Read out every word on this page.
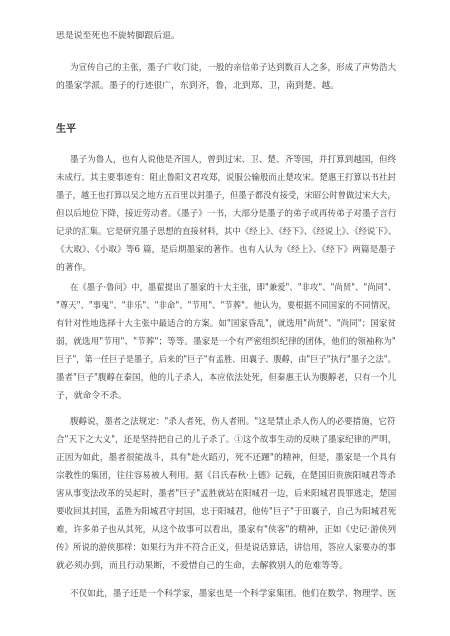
思是说至死也不旋转脚跟后退。
为宣传自己的主张，墨子广收门徒，一般的亲信弟子达到数百人之多，形成了声势浩大
的墨家学派。墨子的行迹很广，东到齐，鲁，北到郑、卫，南到楚、越。
生平
墨子为鲁人，也有人说他是齐国人，曾到过宋、卫、楚、齐等国，并打算到越国，但终
未成行。其主要事迹有：阻止鲁阳文君攻郑，说服公输般而止楚攻宋。楚惠王打算以书社封
墨子，越王也打算以吴之地方五百里以封墨子，但墨子都没有接受，宋昭公时曾做过宋大夫，
但以后地位下降，接近劳动者。《墨子》一书，大部分是墨子的弟子或再传弟子对墨子言行
记录的汇集。它是研究墨子思想的直接材料，其中《经上》、《经下》、《经说上》、《经说下》、
《大取》、《小取》等6 篇，是后期墨家的著作。也有人认为《经上》、《经下》两篇是墨子
的著作。
在《墨子·鲁问》中，墨翟提出了墨家的十大主张，即"兼爱"、"非攻"、"尚贤"、"尚同"、
"尊天"、"事鬼"、"非乐"、"非命"、"节用"、"节葬"。他认为，要根据不同国家的不同情况，
有针对性地选择十大主张中最适合的方案。如"国家昏乱"，就选用"尚贤"、"尚同"；国家贫
弱，就选用"节用"、"节葬"；等等。墨家是一个有严密组织纪律的团体，他们的领袖称为"
巨子"，第一任巨子是墨子，后来的"巨子"有孟胜、田襄子、腹䵍，由"巨子"执行"墨子之法"。
墨者"巨子"腹䵍在秦国，他的儿子杀人，本应依法处死，但秦惠王认为腹䵍老，只有一个儿
子，就命令不杀。
腹䵍说，墨者之法规定："杀人者死，伤人者刑。"这是禁止杀人伤人的必要措施，它符
合"天下之大义"，还是坚持把自己的儿子杀了。①这个故事生动的反映了墨家纪律的严明，
正因为如此，墨者很能战斗，具有"赴火蹈刃，死不还踵"的精神，但是，墨家是一个具有
宗教性的集团，往往容易被人利用。据《吕氏春秋·上德》记载，在楚国旧贵族阳城君等杀
害从事变法改革的吴起时，墨者"巨子"孟胜就站在阳城君一边，后来阳城君畏罪逃走，楚国
要收回其封国，孟胜为阳城君守封国，忠于阳城君，他传"巨子"于田襄子，自己为阳城君死
难，许多弟子也从其死，从这个故事可以看出，墨家有"侠客"的精神，正如《史记·游侠列
传》所说的游侠那样：如果行为并不符合正义，但是说话算话，讲信用，答应人家要办的事
就必须办到，而且行动果断，不爱惜自己的生命，去解救别人的危难等等。
不仅如此，墨子还是一个科学家，墨家也是一个科学家集团。他们在数学、物理学、医
